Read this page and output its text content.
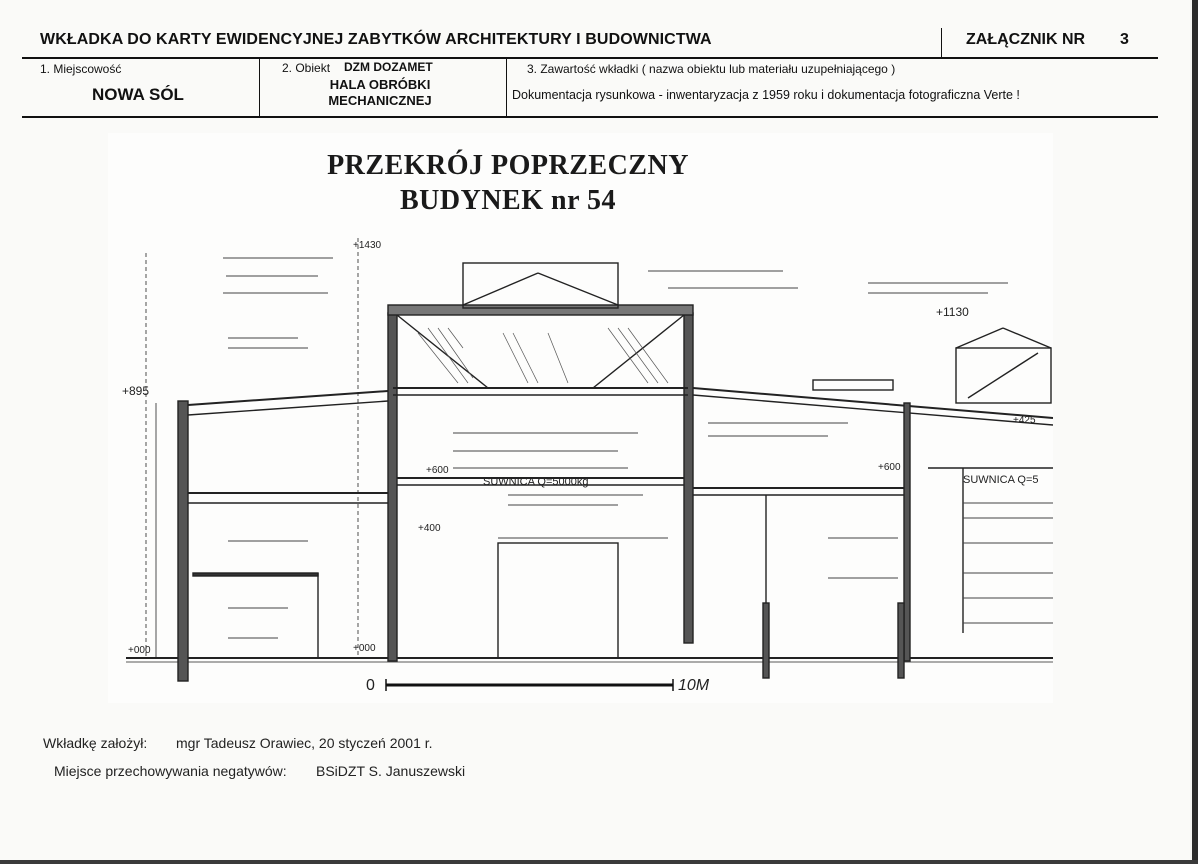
WKŁADKA DO KARTY EWIDENCYJNEJ ZABYTKÓW ARCHITEKTURY I BUDOWNICTWA	ZAŁĄCZNIK NR 3
1. Miejscowość
NOWA SÓL
2. Obiekt DZM DOZAMET
HALA OBRÓBKI
MECHANICZNEJ
3. Zawartość wkładki ( nazwa obiektu lub materiału uzupełniającego )
Dokumentacja rysunkowa - inwentaryzacja z 1959 roku i dokumentacja fotograficzna Verte !
PRZEKRÓJ POPRZECZNY
BUDYNEK nr 54
0	10M
SUWNICA Q=5000kg	SUWNICA Q=5
+1430
+1130
+895
+600	+600
+400
+000	+000
+425
Wkładkę założył: mgr Tadeusz Orawiec, 20 styczeń 2001 r.
Miejsce przechowywania negatywów: BSiDZT S. Januszewski
